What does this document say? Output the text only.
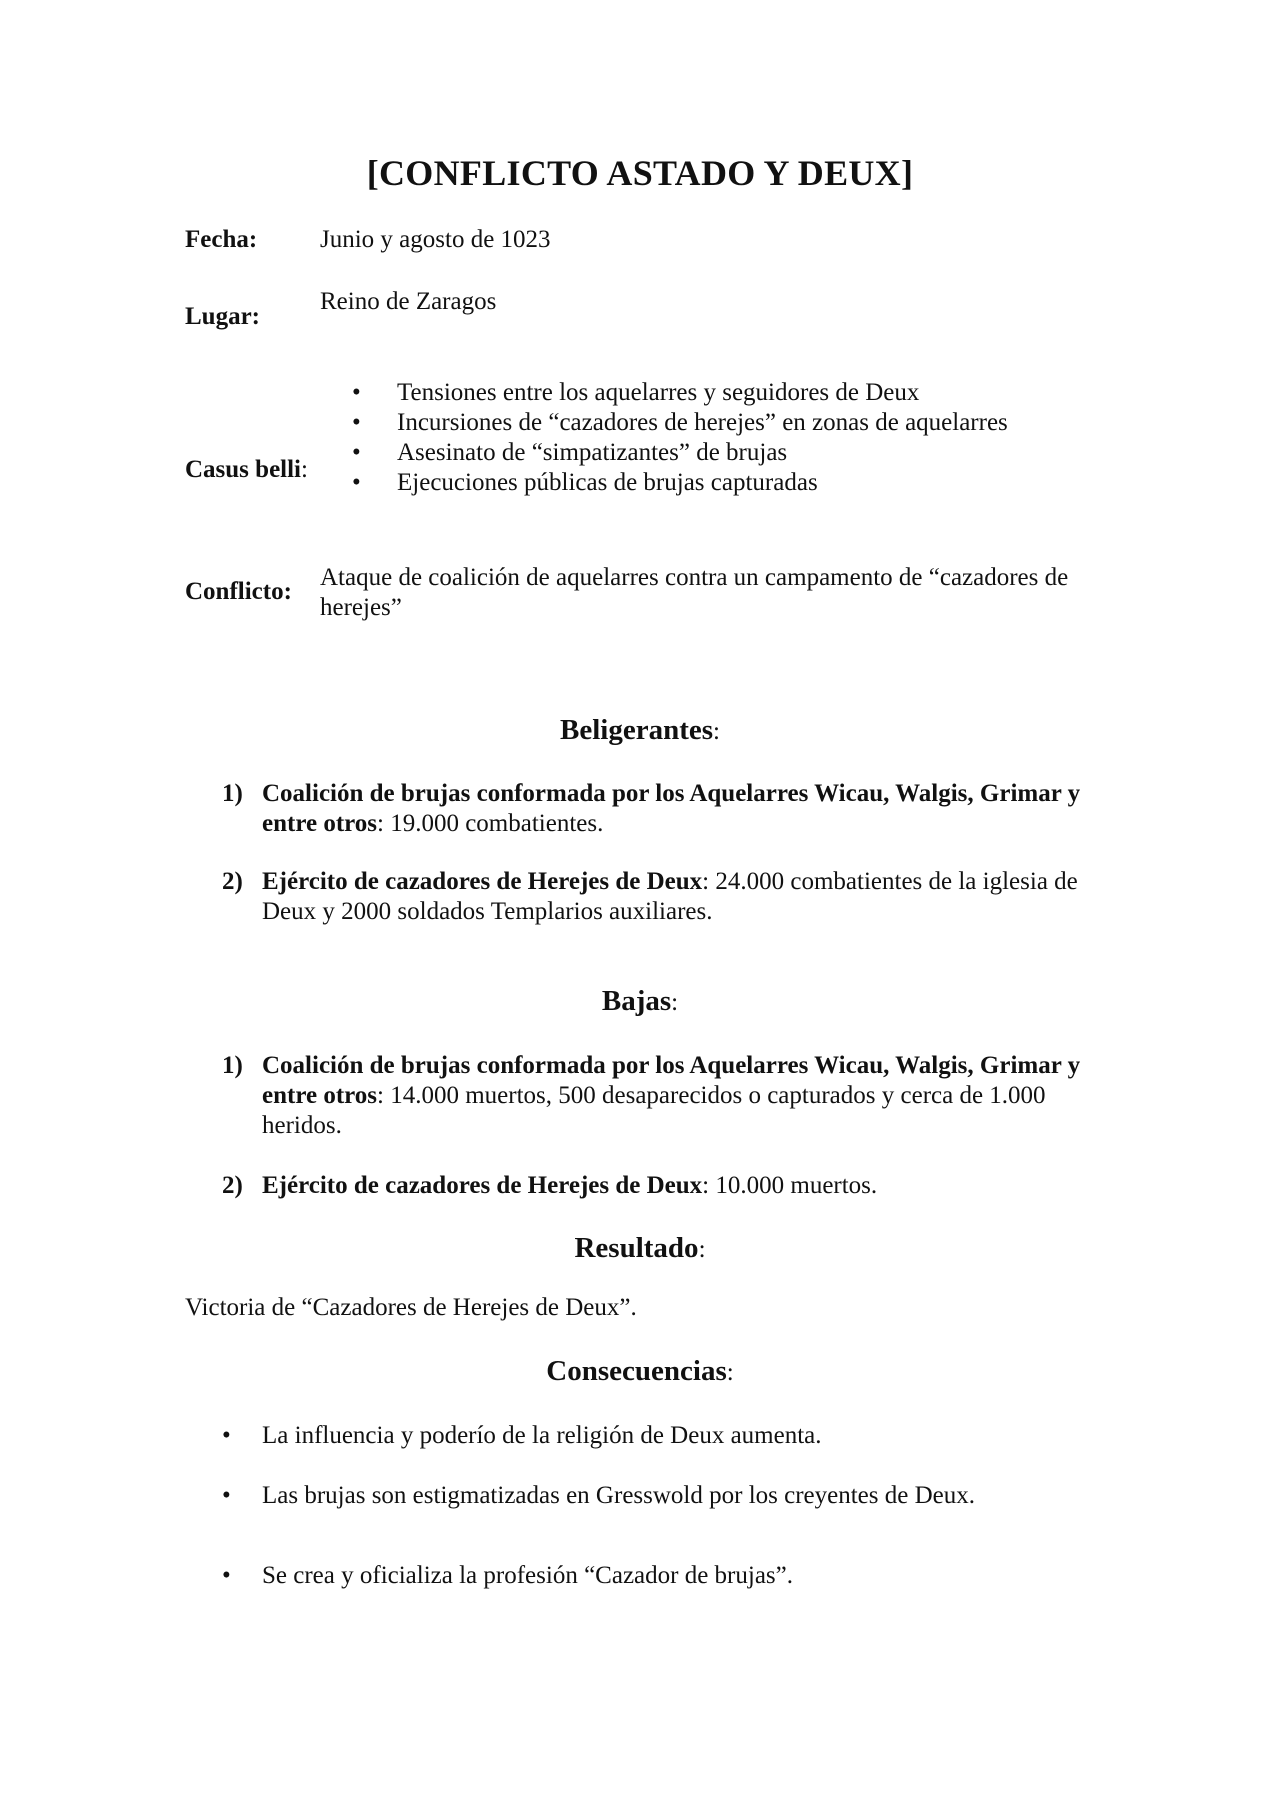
[CONFLICTO ASTADO Y DEUX]
Fecha:	Junio y agosto de 1023
Lugar:
Reino de Zaragos
Casus belli:
• Tensiones entre los aquelarres y seguidores de Deux
• Incursiones de “cazadores de herejes” en zonas de aquelarres
• Asesinato de “simpatizantes” de brujas
• Ejecuciones públicas de brujas capturadas
Conflicto:
Ataque de coalición de aquelarres contra un campamento de “cazadores de herejes”
Beligerantes:
1) Coalición de brujas conformada por los Aquelarres Wicau, Walgis, Grimar y entre otros: 19.000 combatientes.
2) Ejército de cazadores de Herejes de Deux: 24.000 combatientes de la iglesia de Deux y 2000 soldados Templarios auxiliares.
Bajas:
1) Coalición de brujas conformada por los Aquelarres Wicau, Walgis, Grimar y entre otros: 14.000 muertos, 500 desaparecidos o capturados y cerca de 1.000 heridos.
2) Ejército de cazadores de Herejes de Deux: 10.000 muertos.
Resultado:
Victoria de “Cazadores de Herejes de Deux”.
Consecuencias:
• La influencia y poderío de la religión de Deux aumenta.
• Las brujas son estigmatizadas en Gresswold por los creyentes de Deux.
• Se crea y oficializa la profesión “Cazador de brujas”.
